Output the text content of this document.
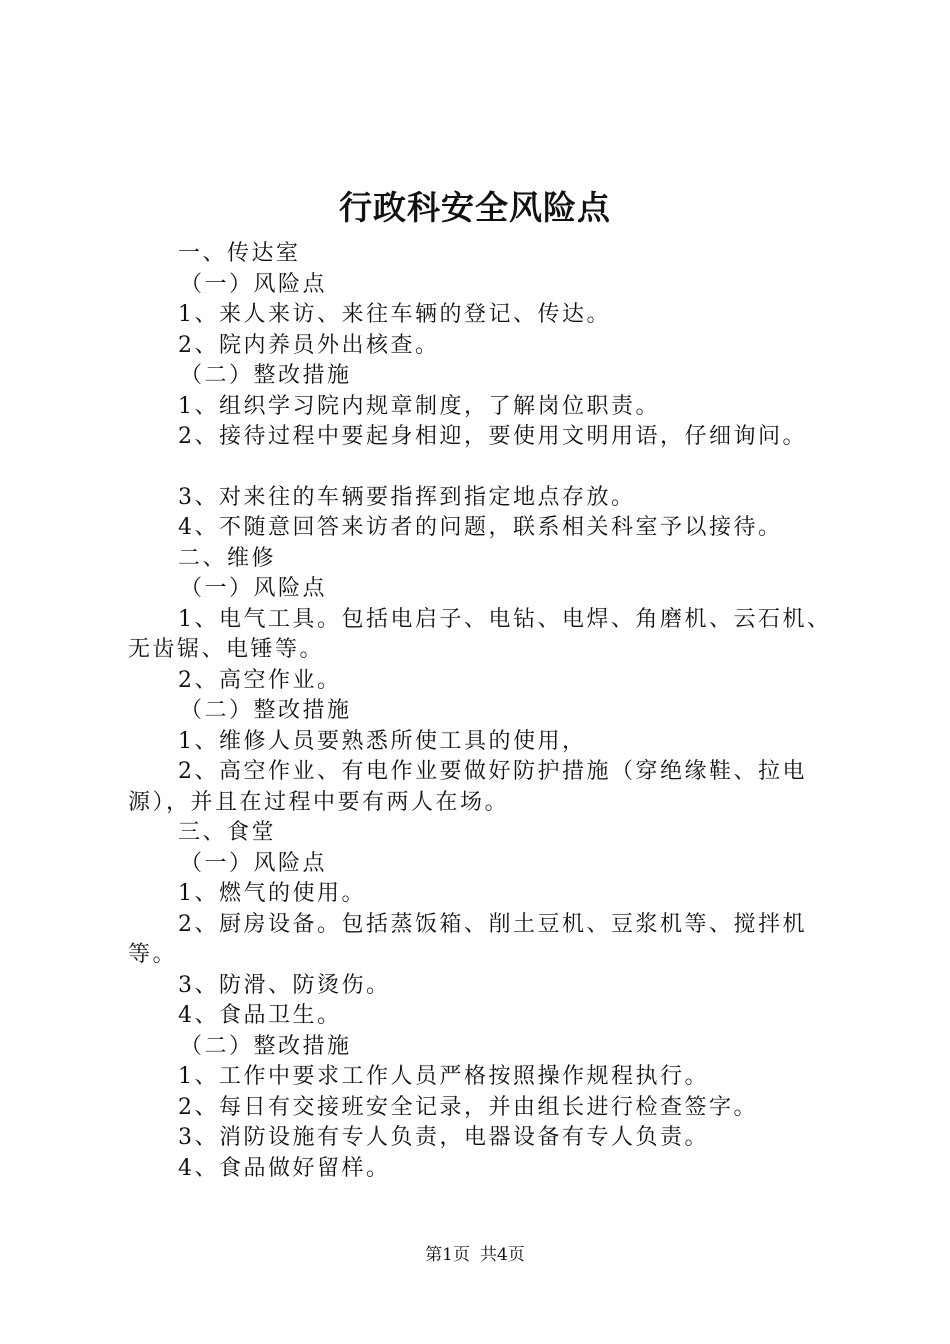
行政科安全风险点
一、传达室
（一）风险点
1、来人来访、来往车辆的登记、传达。
2、院内养员外出核查。
（二）整改措施
1、组织学习院内规章制度，了解岗位职责。
2、接待过程中要起身相迎，要使用文明用语，仔细询问。
3、对来往的车辆要指挥到指定地点存放。
4、不随意回答来访者的问题，联系相关科室予以接待。
二、维修
（一）风险点
1、电气工具。包括电启子、电钻、电焊、角磨机、云石机、
无齿锯、电锤等。
2、高空作业。
（二）整改措施
1、维修人员要熟悉所使工具的使用，
2、高空作业、有电作业要做好防护措施（穿绝缘鞋、拉电
源），并且在过程中要有两人在场。
三、食堂
（一）风险点
1、燃气的使用。
2、厨房设备。包括蒸饭箱、削土豆机、豆浆机等、搅拌机
等。
3、防滑、防烫伤。
4、食品卫生。
（二）整改措施
1、工作中要求工作人员严格按照操作规程执行。
2、每日有交接班安全记录，并由组长进行检查签字。
3、消防设施有专人负责，电器设备有专人负责。
4、食品做好留样。
第1页 共4页
